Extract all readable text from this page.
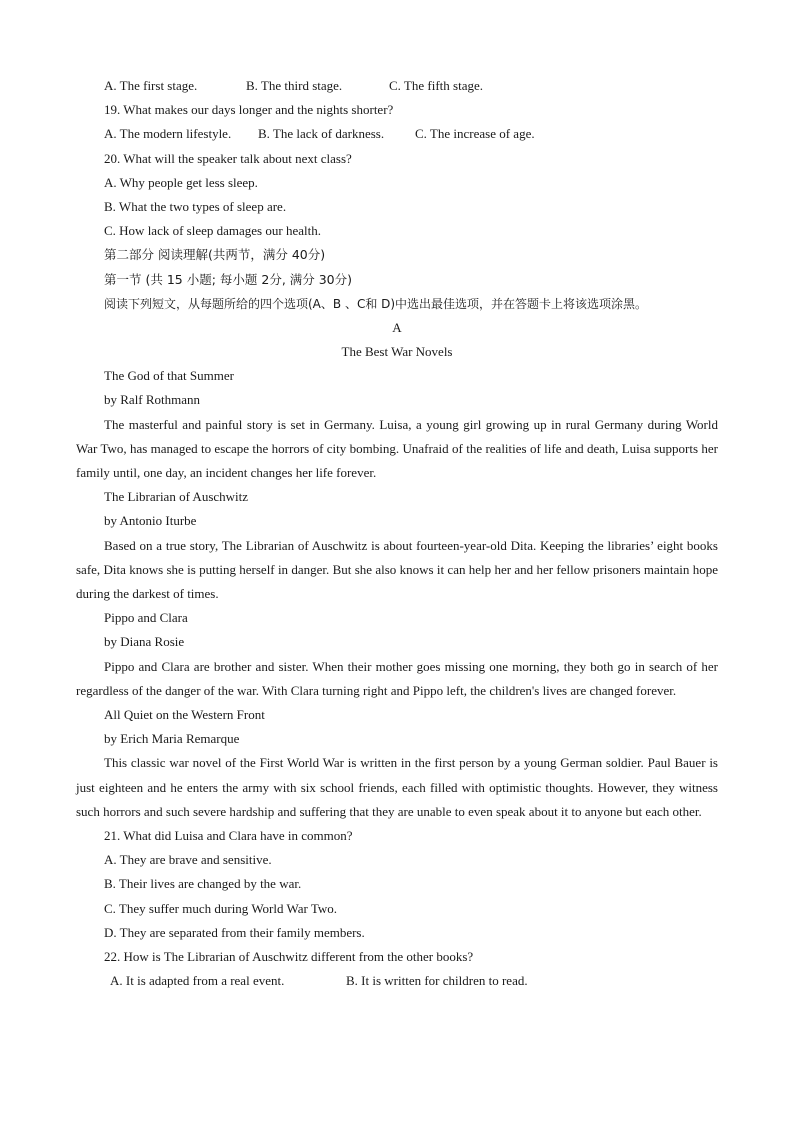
A. The first stage.	B. The third stage.	C. The fifth stage.
19. What makes our days longer and the nights shorter?
A. The modern lifestyle.	B. The lack of darkness.	C. The increase of age.
20. What will the speaker talk about next class?
A. Why people get less sleep.
B. What the two types of sleep are.
C. How lack of sleep damages our health.
第二部分 阅读理解(共两节，满分 40分)
第一节 (共 15 小题; 每小题 2分, 满分 30分)
阅读下列短文，从每题所给的四个选项(A、B 、C和 D)中选出最佳选项，并在答题卡上将该选项涂黑。
A
The Best War Novels
The God of that Summer
by Ralf Rothmann
The masterful and painful story is set in Germany. Luisa, a young girl growing up in rural Germany during World War Two, has managed to escape the horrors of city bombing. Unafraid of the realities of life and death, Luisa supports her family until, one day, an incident changes her life forever.
The Librarian of Auschwitz
by Antonio Iturbe
Based on a true story, The Librarian of Auschwitz is about fourteen-year-old Dita. Keeping the libraries’ eight books safe, Dita knows she is putting herself in danger. But she also knows it can help her and her fellow prisoners maintain hope during the darkest of times.
Pippo and Clara
by Diana Rosie
Pippo and Clara are brother and sister. When their mother goes missing one morning, they both go in search of her regardless of the danger of the war. With Clara turning right and Pippo left, the children's lives are changed forever.
All Quiet on the Western Front
by Erich Maria Remarque
This classic war novel of the First World War is written in the first person by a young German soldier. Paul Bauer is just eighteen and he enters the army with six school friends, each filled with optimistic thoughts. However, they witness such horrors and such severe hardship and suffering that they are unable to even speak about it to anyone but each other.
21. What did Luisa and Clara have in common?
A. They are brave and sensitive.
B. Their lives are changed by the war.
C. They suffer much during World War Two.
D. They are separated from their family members.
22. How is The Librarian of Auschwitz different from the other books?
A. It is adapted from a real event.	B. It is written for children to read.
